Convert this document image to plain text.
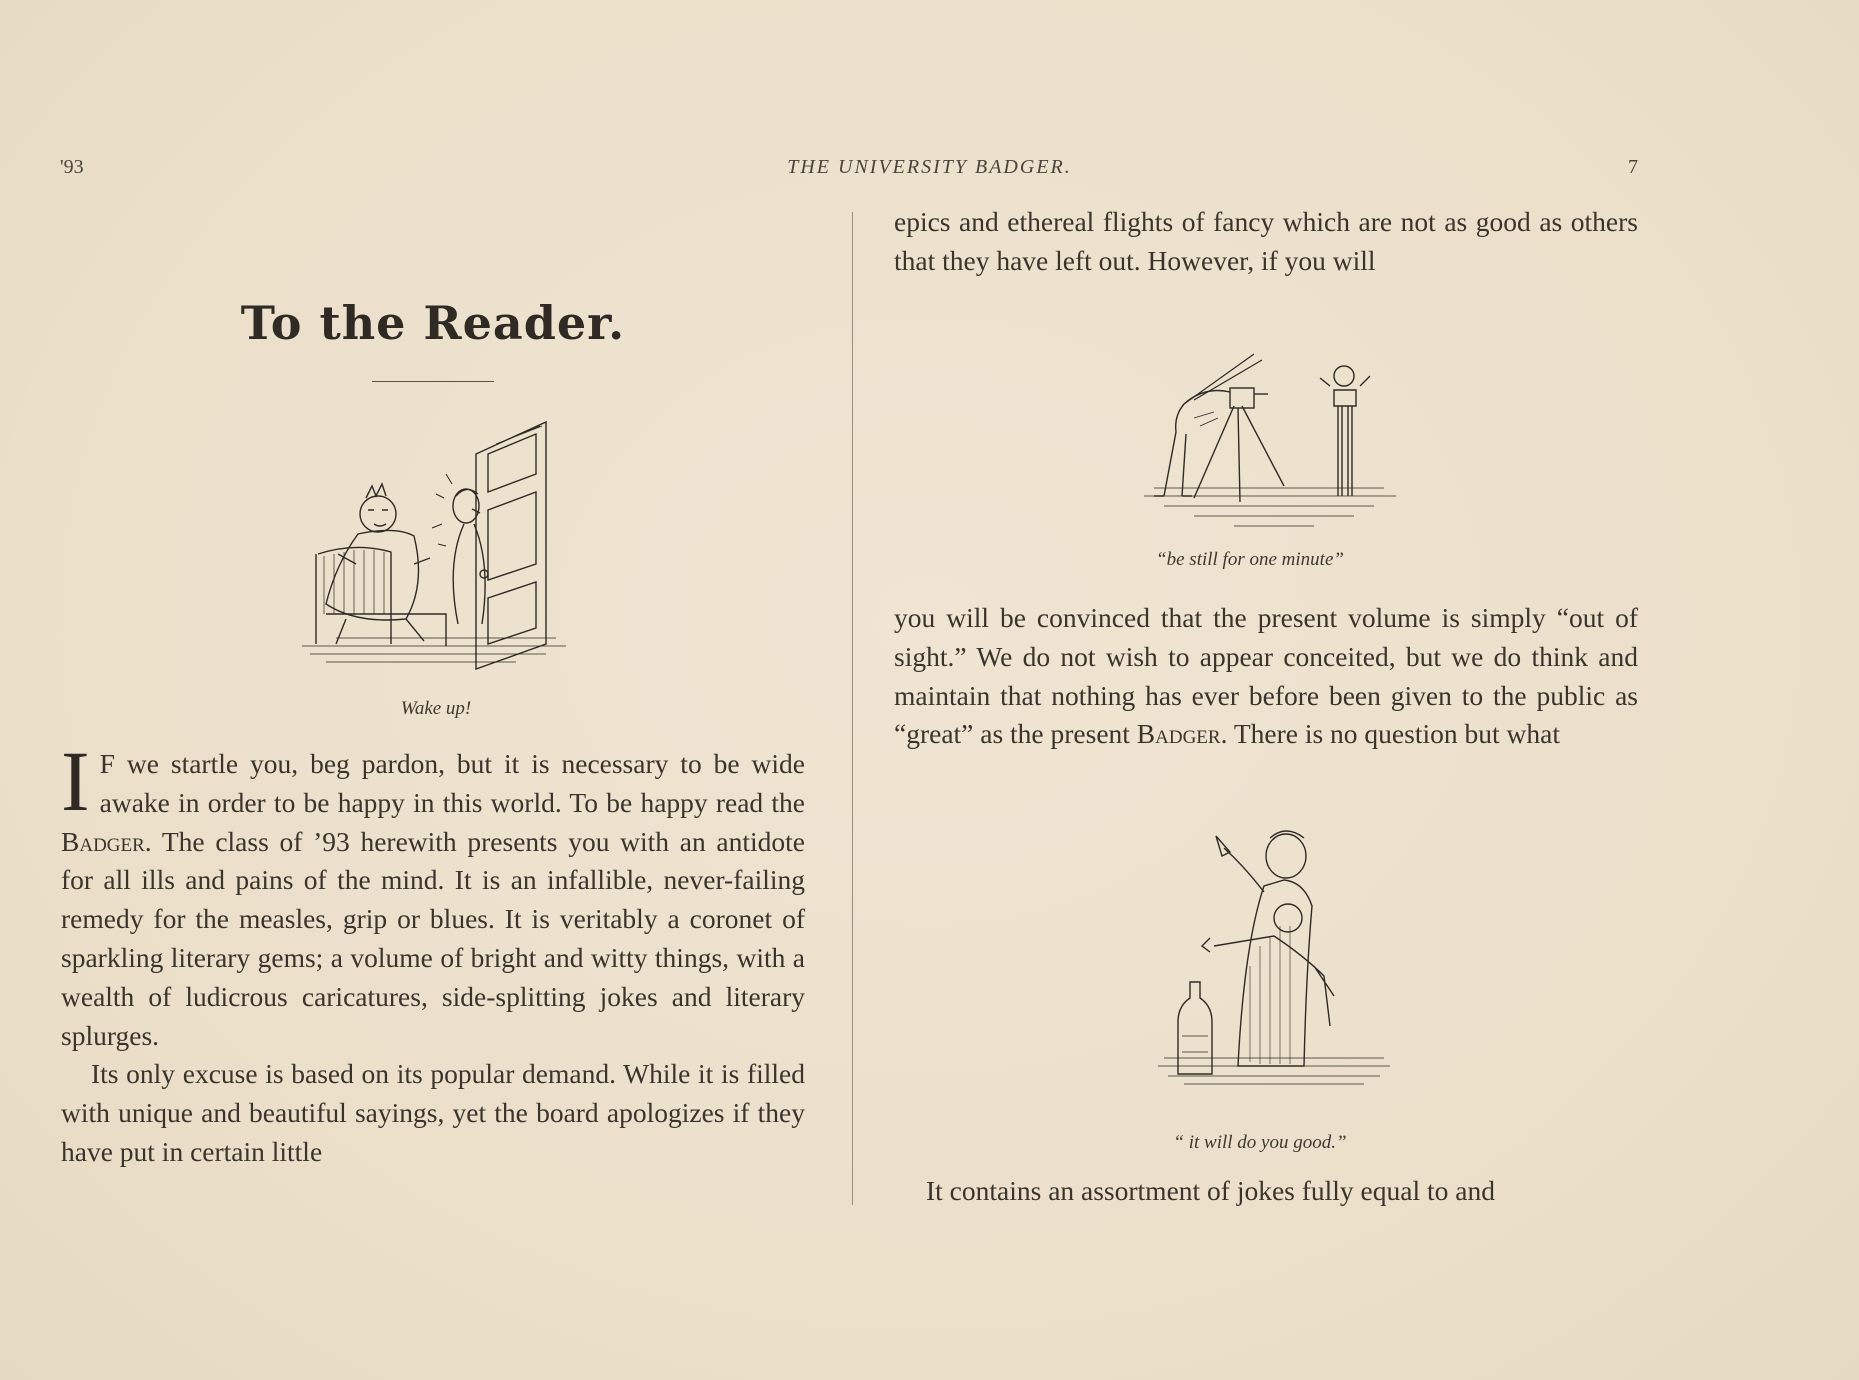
'93	THE UNIVERSITY BADGER.	7
To the Reader.
Wake up!

I F we startle you, beg pardon, but it is necessary to be wide awake in order to be happy in this world. To be happy read the Badger. The class of ’93 herewith presents you with an antidote for all ills and pains of the mind. It is an infallible, never-failing remedy for the measles, grip or blues. It is veritably a coronet of sparkling literary gems; a volume of bright and witty things, with a wealth of ludicrous caricatures, side-splitting jokes and literary splurges.

Its only excuse is based on its popular demand. While it is filled with unique and beautiful sayings, yet the board apologizes if they have put in certain little

epics and ethereal flights of fancy which are not as good as others that they have left out. However, if you will
“be still for one minute”
you will be convinced that the present volume is simply “out of sight.” We do not wish to appear conceited, but we do think and maintain that nothing has ever before been given to the public as “great” as the present Badger. There is no question but what
“ it will do you good.”
It contains an assortment of jokes fully equal to and
